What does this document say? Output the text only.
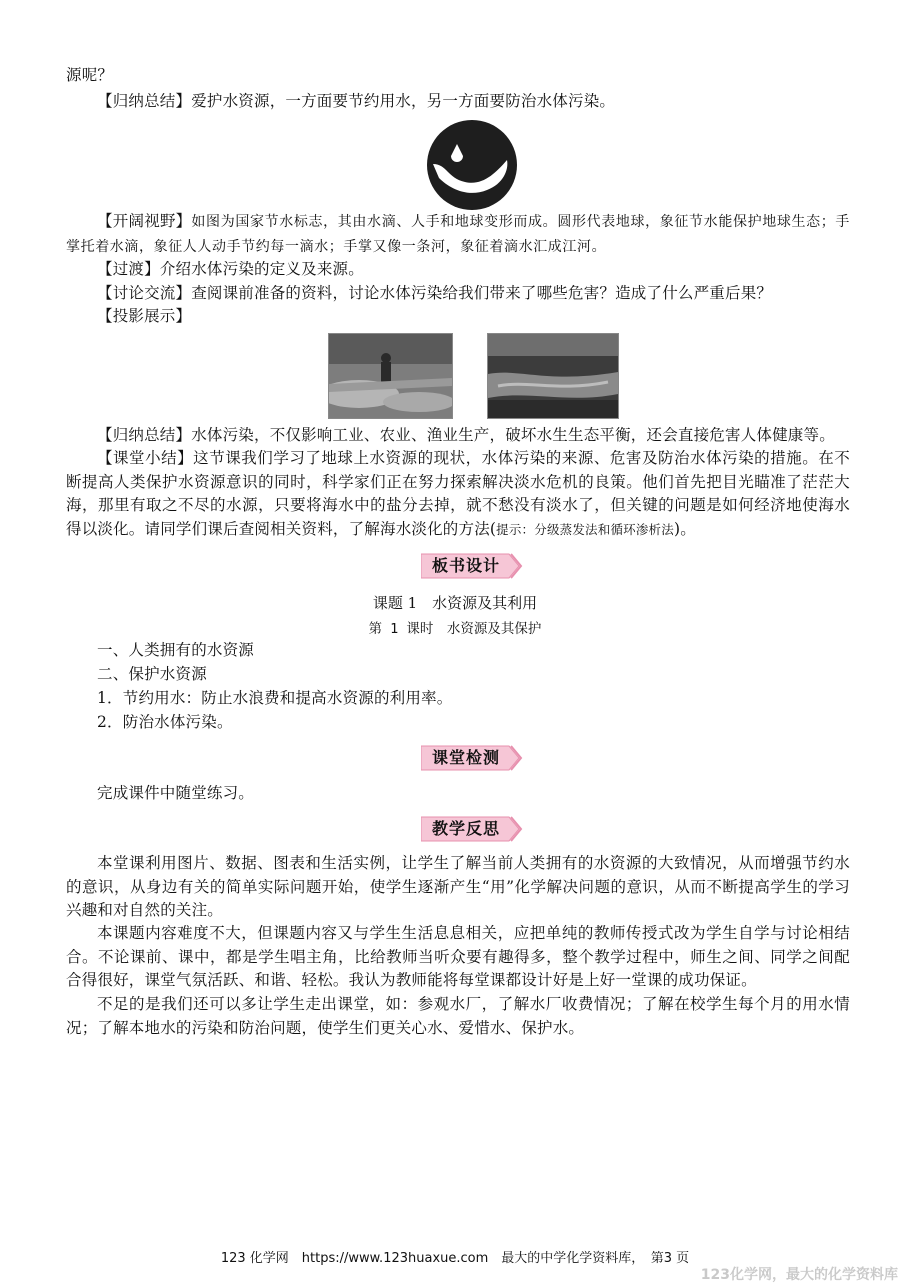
源呢？
【归纳总结】爱护水资源，一方面要节约用水，另一方面要防治水体污染。
【开阔视野】如图为国家节水标志，其由水滴、人手和地球变形而成。圆形代表地球，象征节水能保护地球生态；手掌托着水滴，象征人人动手节约每一滴水；手掌又像一条河，象征着滴水汇成江河。
【过渡】介绍水体污染的定义及来源。
【讨论交流】查阅课前准备的资料，讨论水体污染给我们带来了哪些危害？造成了什么严重后果？
【投影展示】
【归纳总结】水体污染，不仅影响工业、农业、渔业生产，破坏水生生态平衡，还会直接危害人体健康等。
【课堂小结】这节课我们学习了地球上水资源的现状，水体污染的来源、危害及防治水体污染的措施。在不断提高人类保护水资源意识的同时，科学家们正在努力探索解决淡水危机的良策。他们首先把目光瞄准了茫茫大海，那里有取之不尽的水源，只要将海水中的盐分去掉，就不愁没有淡水了，但关键的问题是如何经济地使海水得以淡化。请同学们课后查阅相关资料，了解海水淡化的方法(提示：分级蒸发法和循环渗析法)。
板书设计
课题 1　水资源及其利用
第 1 课时　水资源及其保护
一、人类拥有的水资源
二、保护水资源
1．节约用水：防止水浪费和提高水资源的利用率。
2．防治水体污染。
课堂检测
完成课件中随堂练习。
教学反思
本堂课利用图片、数据、图表和生活实例，让学生了解当前人类拥有的水资源的大致情况，从而增强节约水的意识，从身边有关的简单实际问题开始，使学生逐渐产生“用”化学解决问题的意识，从而不断提高学生的学习兴趣和对自然的关注。
本课题内容难度不大，但课题内容又与学生生活息息相关，应把单纯的教师传授式改为学生自学与讨论相结合。不论课前、课中，都是学生唱主角，比给教师当听众要有趣得多，整个教学过程中，师生之间、同学之间配合得很好，课堂气氛活跃、和谐、轻松。我认为教师能将每堂课都设计好是上好一堂课的成功保证。
不足的是我们还可以多让学生走出课堂，如：参观水厂，了解水厂收费情况；了解在校学生每个月的用水情况；了解本地水的污染和防治问题，使学生们更关心水、爱惜水、保护水。
123 化学网　https://www.123huaxue.com　最大的中学化学资料库，　第3 页
123化学网，最大的化学资料库
